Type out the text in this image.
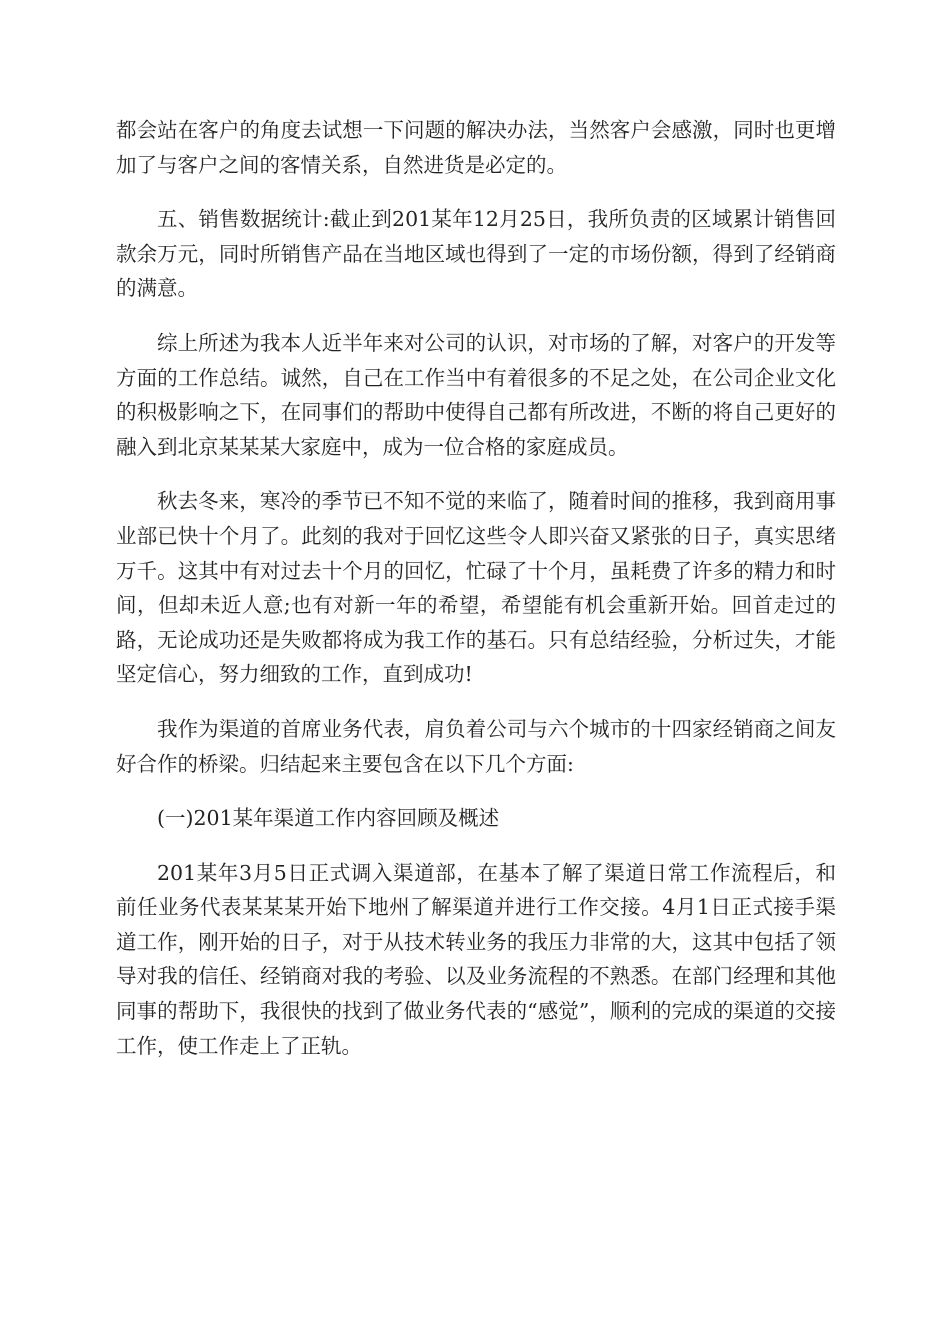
都会站在客户的角度去试想一下问题的解决办法，当然客户会感激，同时也更增加了与客户之间的客情关系，自然进货是必定的。

五、销售数据统计:截止到201某年12月25日，我所负责的区域累计销售回款余万元，同时所销售产品在当地区域也得到了一定的市场份额，得到了经销商的满意。

综上所述为我本人近半年来对公司的认识，对市场的了解，对客户的开发等方面的工作总结。诚然，自己在工作当中有着很多的不足之处，在公司企业文化的积极影响之下，在同事们的帮助中使得自己都有所改进，不断的将自己更好的融入到北京某某某大家庭中，成为一位合格的家庭成员。

秋去冬来，寒冷的季节已不知不觉的来临了，随着时间的推移，我到商用事业部已快十个月了。此刻的我对于回忆这些令人即兴奋又紧张的日子，真实思绪万千。这其中有对过去十个月的回忆，忙碌了十个月，虽耗费了许多的精力和时间，但却未近人意;也有对新一年的希望，希望能有机会重新开始。回首走过的路，无论成功还是失败都将成为我工作的基石。只有总结经验，分析过失，才能坚定信心，努力细致的工作，直到成功!

我作为渠道的首席业务代表，肩负着公司与六个城市的十四家经销商之间友好合作的桥梁。归结起来主要包含在以下几个方面:

(一)201某年渠道工作内容回顾及概述

201某年3月5日正式调入渠道部，在基本了解了渠道日常工作流程后，和前任业务代表某某某开始下地州了解渠道并进行工作交接。4月1日正式接手渠道工作，刚开始的日子，对于从技术转业务的我压力非常的大，这其中包括了领导对我的信任、经销商对我的考验、以及业务流程的不熟悉。在部门经理和其他同事的帮助下，我很快的找到了做业务代表的“感觉”，顺利的完成的渠道的交接工作，使工作走上了正轨。
